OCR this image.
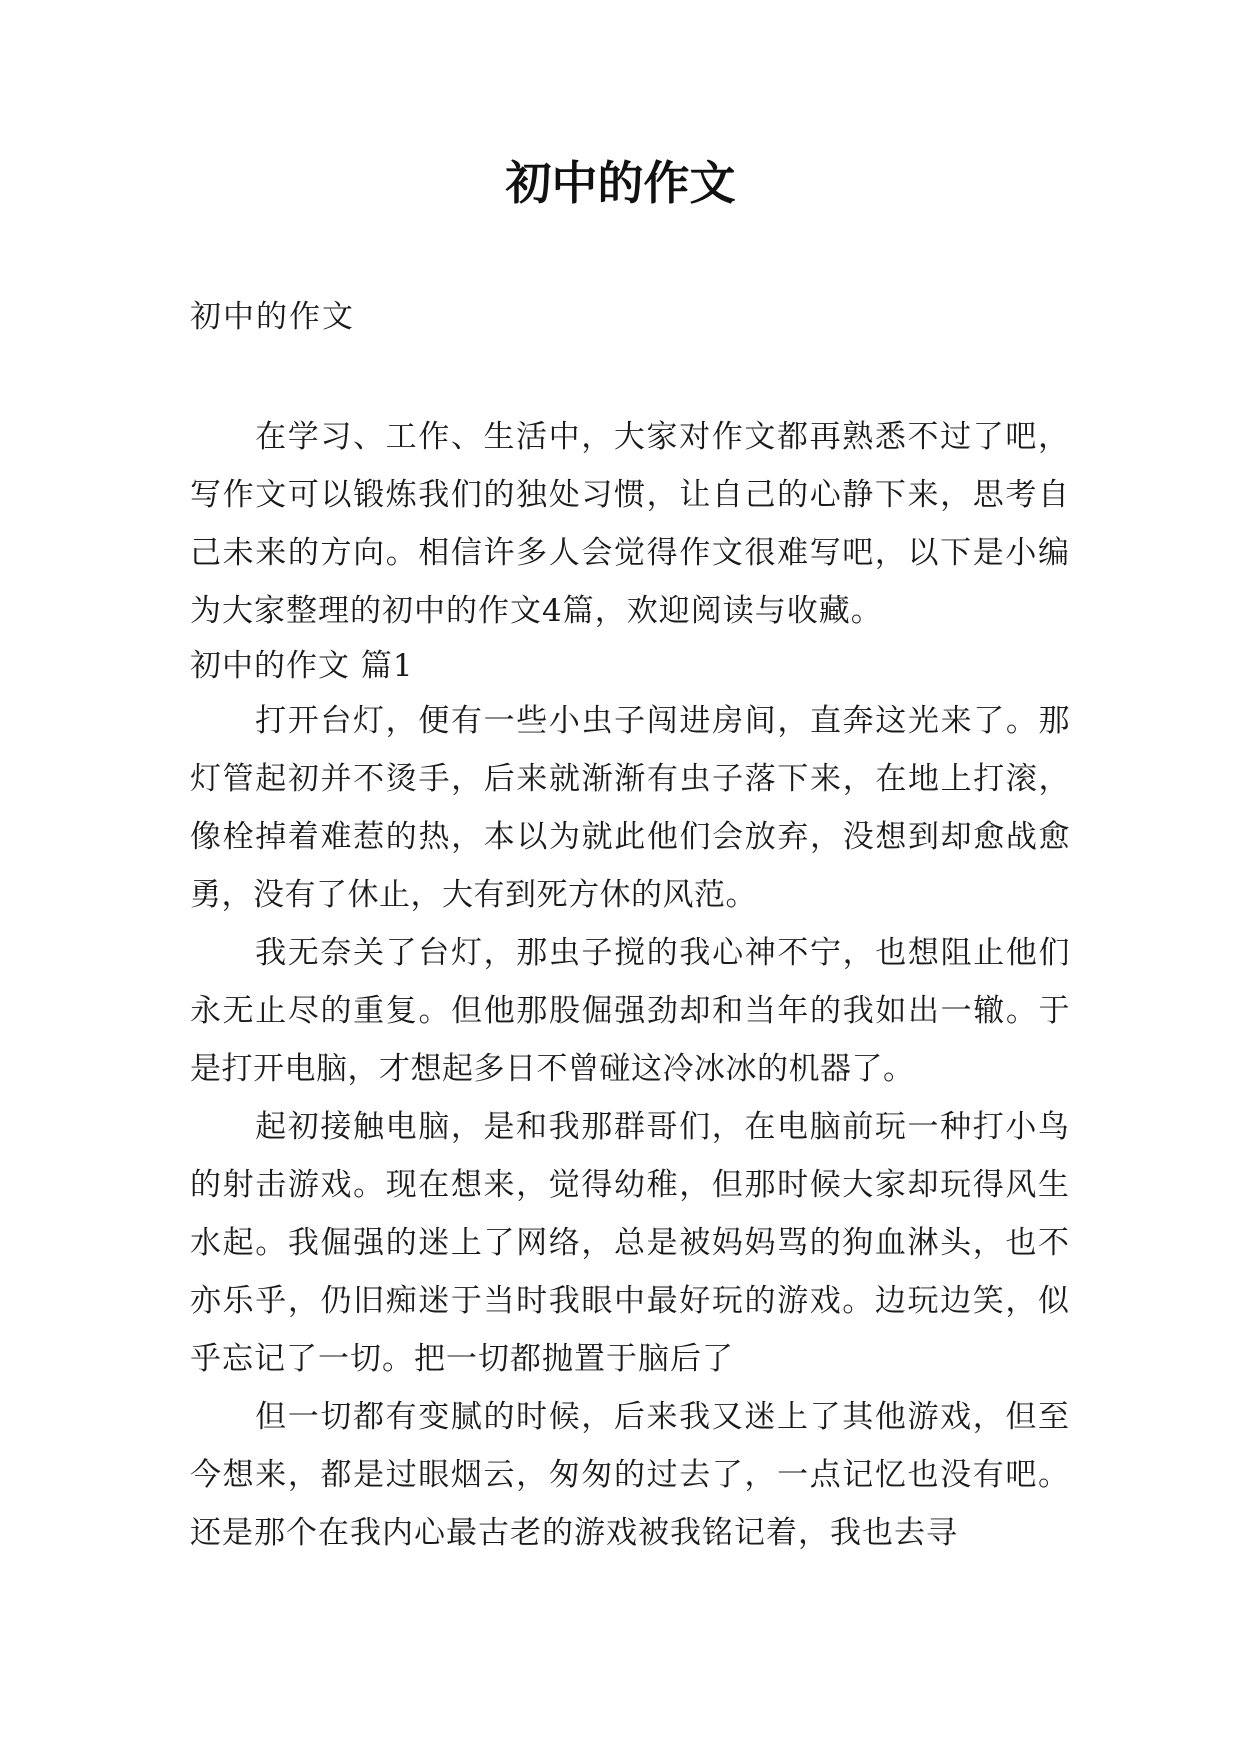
初中的作文

初中的作文

在学习、工作、生活中，大家对作文都再熟悉不过了吧，写作文可以锻炼我们的独处习惯，让自己的心静下来，思考自己未来的方向。相信许多人会觉得作文很难写吧，以下是小编为大家整理的初中的作文4篇，欢迎阅读与收藏。

初中的作文 篇1

打开台灯，便有一些小虫子闯进房间，直奔这光来了。那灯管起初并不烫手，后来就渐渐有虫子落下来，在地上打滚，像栓掉着难惹的热，本以为就此他们会放弃，没想到却愈战愈勇，没有了休止，大有到死方休的风范。

我无奈关了台灯，那虫子搅的我心神不宁，也想阻止他们永无止尽的重复。但他那股倔强劲却和当年的我如出一辙。于是打开电脑，才想起多日不曾碰这冷冰冰的机器了。

起初接触电脑，是和我那群哥们，在电脑前玩一种打小鸟的射击游戏。现在想来，觉得幼稚，但那时候大家却玩得风生水起。我倔强的迷上了网络，总是被妈妈骂的狗血淋头，也不亦乐乎，仍旧痴迷于当时我眼中最好玩的游戏。边玩边笑，似乎忘记了一切。把一切都抛置于脑后了

但一切都有变腻的时候，后来我又迷上了其他游戏，但至今想来，都是过眼烟云，匆匆的过去了，一点记忆也没有吧。还是那个在我内心最古老的游戏被我铭记着，我也去寻
